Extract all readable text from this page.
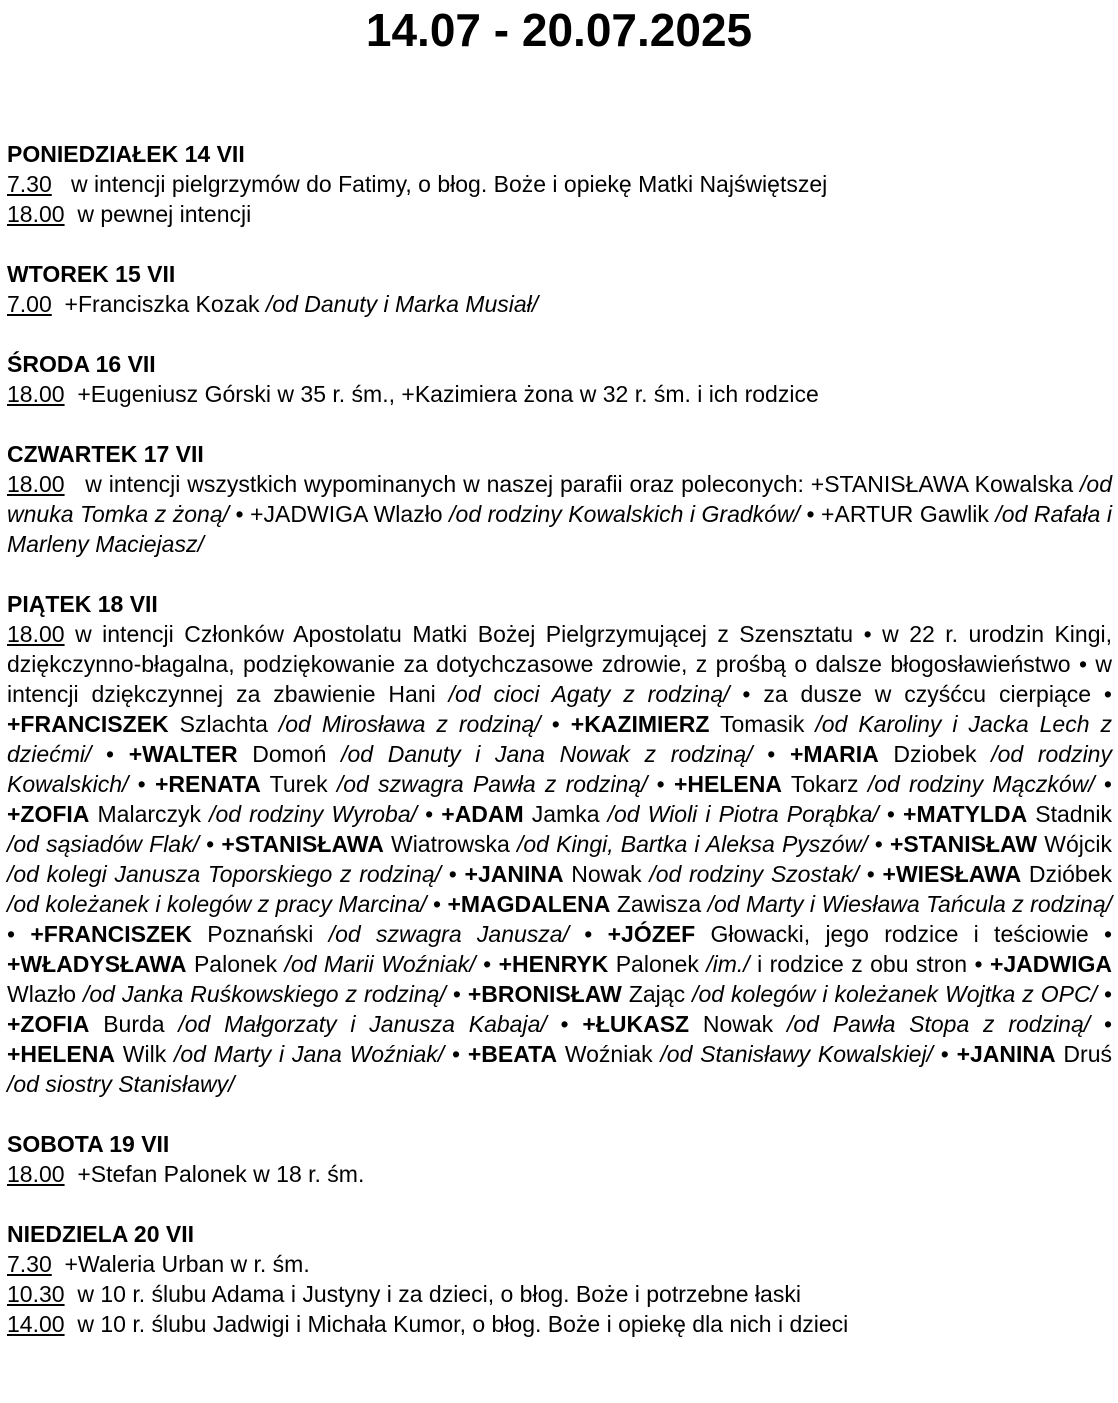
14.07 - 20.07.2025
PONIEDZIAŁEK 14 VII
7.30 w intencji pielgrzymów do Fatimy, o błog. Boże i opiekę Matki Najświętszej
18.00 w pewnej intencji
WTOREK 15 VII
7.00 +Franciszka Kozak /od Danuty i Marka Musiał/
ŚRODA 16 VII
18.00 +Eugeniusz Górski w 35 r. śm., +Kazimiera żona w 32 r. śm. i ich rodzice
CZWARTEK 17 VII
18.00 w intencji wszystkich wypominanych w naszej parafii oraz poleconych: +STANISŁAWA Kowalska /od wnuka Tomka z żoną/ • +JADWIGA Wlazło /od rodziny Kowalskich i Gradków/ • +ARTUR Gawlik /od Rafała i Marleny Maciejasz/
PIĄTEK 18 VII
18.00 w intencji Członków Apostolatu Matki Bożej Pielgrzymującej z Szensztatu • w 22 r. urodzin Kingi, dziękczynno-błagalna, podziękowanie za dotychczasowe zdrowie, z prośbą o dalsze błogosławieństwo • w intencji dziękczynnej za zbawienie Hani /od cioci Agaty z rodziną/ • za dusze w czyśćcu cierpiące • +FRANCISZEK Szlachta /od Mirosława z rodziną/ • +KAZIMIERZ Tomasik /od Karoliny i Jacka Lech z dziećmi/ • +WALTER Domoń /od Danuty i Jana Nowak z rodziną/ • +MARIA Dziobek /od rodziny Kowalskich/ • +RENATA Turek /od szwagra Pawła z rodziną/ • +HELENA Tokarz /od rodziny Mączków/ • +ZOFIA Malarczyk /od rodziny Wyroba/ • +ADAM Jamka /od Wioli i Piotra Porąbka/ • +MATYLDA Stadnik /od sąsiadów Flak/ • +STANISŁAWA Wiatrowska /od Kingi, Bartka i Aleksa Pyszów/ • +STANISŁAW Wójcik /od kolegi Janusza Toporskiego z rodziną/ • +JANINA Nowak /od rodziny Szostak/ • +WIESŁAWA Dzióbek /od koleżanek i kolegów z pracy Marcina/ • +MAGDALENA Zawisza /od Marty i Wiesława Tańcula z rodziną/ • +FRANCISZEK Poznański /od szwagra Janusza/ • +JÓZEF Głowacki, jego rodzice i teściowie • +WŁADYSŁAWA Palonek /od Marii Woźniak/ • +HENRYK Palonek /im./ i rodzice z obu stron • +JADWIGA Wlazło /od Janka Ruśkowskiego z rodziną/ • +BRONISŁAW Zając /od kolegów i koleżanek Wojtka z OPC/ • +ZOFIA Burda /od Małgorzaty i Janusza Kabaja/ • +ŁUKASZ Nowak /od Pawła Stopa z rodziną/ • +HELENA Wilk /od Marty i Jana Woźniak/ • +BEATA Woźniak /od Stanisławy Kowalskiej/ • +JANINA Druś /od siostry Stanisławy/
SOBOTA 19 VII
18.00 +Stefan Palonek w 18 r. śm.
NIEDZIELA 20 VII
7.30 +Waleria Urban w r. śm.
10.30 w 10 r. ślubu Adama i Justyny i za dzieci, o błog. Boże i potrzebne łaski
14.00 w 10 r. ślubu Jadwigi i Michała Kumor, o błog. Boże i opiekę dla nich i dzieci
